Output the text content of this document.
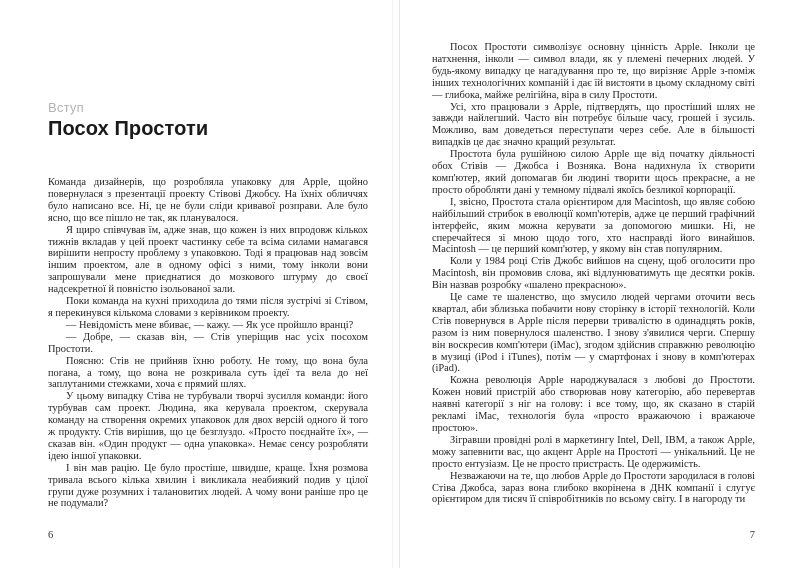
Вступ
Посох Простоти

Команда дизайнерів, що розробляла упаковку для Apple, щойно повернулася з презентації проекту Стівові Джобсу. На їхніх обличчях було написано все. Ні, це не були сліди кривавої розправи. Але було ясно, що все пішло не так, як планувалося.

Я щиро співчував їм, адже знав, що кожен із них впродовж кількох тижнів вкладав у цей проект частинку себе та всіма силами намагався вирішити непросту проблему з упаковкою. Тоді я працював над зовсім іншим проектом, але в одному офісі з ними, тому інколи вони запрошували мене приєднатися до мозкового штурму до своєї надсекретної й повністю ізольованої зали.

Поки команда на кухні приходила до тями після зустрічі зі Стівом, я перекинувся кількома словами з керівником проекту.

— Невідомість мене вбиває, — кажу. — Як усе пройшло вранці?

— Добре, — сказав він, — Стів уперіщив нас усіх посохом Простоти.

Поясню: Стів не прийняв їхню роботу. Не тому, що вона була погана, а тому, що вона не розкривала суть ідеї та вела до неї заплутаними стежками, хоча є прямий шлях.

У цьому випадку Стіва не турбували творчі зусилля команди: його турбував сам проект. Людина, яка керувала проектом, скерувала команду на створення окремих упаковок для двох версій одного й того ж продукту. Стів вирішив, що це безглуздо. «Просто поєднайте їх», — сказав він. «Один продукт — одна упаковка». Немає сенсу розробляти ідею іншої упаковки.

І він мав рацію. Це було простіше, швидше, краще. Їхня розмова тривала всього кілька хвилин і викликала неабиякий подив у цілої групи дуже розумних і талановитих людей. А чому вони раніше про це не подумали?

6

Посох Простоти символізує основну цінність Apple. Інколи це натхнення, інколи — символ влади, як у племені печерних людей. У будь-якому випадку це нагадування про те, що вирізняє Apple з-поміж інших технологічних компаній і дає їй вистояти в цьому складному світі — глибока, майже релігійна, віра в силу Простоти.

Усі, хто працювали з Apple, підтвердять, що простіший шлях не завжди найлегший. Часто він потребує більше часу, грошей і зусиль. Можливо, вам доведеться переступати через себе. Але в більшості випадків це дає значно кращий результат.

Простота була рушійною силою Apple ще від початку діяльності обох Стівів — Джобса і Возняка. Вона надихнула їх створити комп'ютер, який допомагав би людині творити щось прекрасне, а не просто обробляти дані у темному підвалі якоїсь безликої корпорації.

І, звісно, Простота стала орієнтиром для Macintosh, що являє собою найбільший стрибок в еволюції комп'ютерів, адже це перший графічний інтерфейс, яким можна керувати за допомогою мишки. Ні, не сперечайтеся зі мною щодо того, хто насправді його винайшов. Macintosh — це перший комп'ютер, у якому він став популярним.

Коли у 1984 році Стів Джобс вийшов на сцену, щоб оголосити про Macintosh, він промовив слова, які відлунюватимуть ще десятки років. Він назвав розробку «шалено прекрасною».

Це саме те шаленство, що змусило людей чергами оточити весь квартал, аби зблизька побачити нову сторінку в історії технологій. Коли Стів повернувся в Apple після перерви тривалістю в одинадцять років, разом із ним повернулося шаленство. І знову з'явилися черги. Спершу він воскресив комп'ютери (iMac), згодом здійснив справжню революцію в музиці (iPod і iTunes), потім — у смартфонах і знову в комп'ютерах (iPad).

Кожна революція Apple народжувалася з любові до Простоти. Кожен новий пристрій або створював нову категорію, або перевертав наявні категорії з ніг на голову: і все тому, що, як сказано в старій рекламі iMac, технологія була «просто вражаючою і вражаюче простою».

Зігравши провідні ролі в маркетингу Intel, Dell, IBM, а також Apple, можу запевнити вас, що акцент Apple на Простоті — унікальний. Це не просто ентузіазм. Це не просто пристрасть. Це одержимість.

Незважаючи на те, що любов Apple до Простоти зародилася в голові Стіва Джобса, зараз вона глибоко вкорінена в ДНК компанії і слугує орієнтиром для тисяч її співробітників по всьому світу. І в нагороду ти

7
